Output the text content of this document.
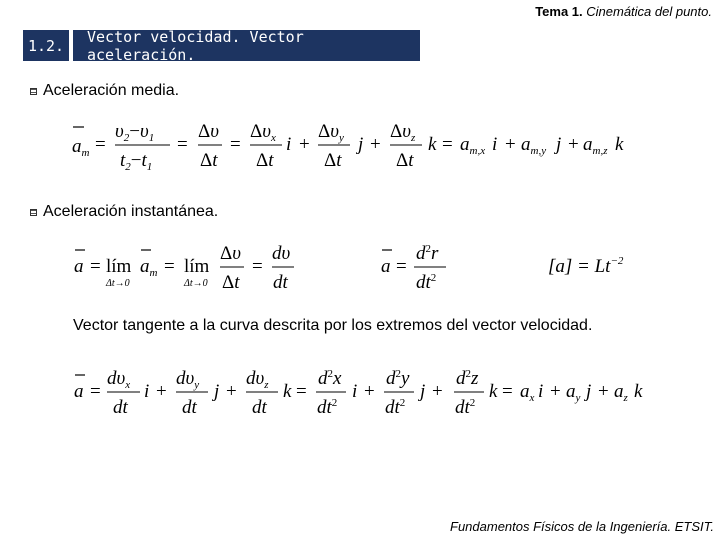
Tema 1. Cinemática del punto.
1.2.	Vector velocidad. Vector aceleración.
Aceleración media.
Aceleración instantánea.
$a_m$ =
$\upsilon_2-\upsilon_1$
$t_2-t_1$
=
Δυ
Δt
=
$\Delta\upsilon_x$
Δt
i +
$\Delta\upsilon_y$
Δt
j +
$\Delta\upsilon_z$
Δt
$k = a_{m,x}$ $i + a_{m,y}$ $j + a_{m,z}$ k
a = lím
Δt→0
$a_m$ = lím
Δt→0
Δυ
Δt
=
dυ
dt
a =
$d^2r$
$dt^2$
$[a] = Lt^{-2}$
a =
$d\upsilon_x$
dt
i +
$d\upsilon_y$
dt
j +
$d\upsilon_z$
dt
k =
$d^2x$
$dt^2$
i +
$d^2y$
$dt^2$
j +
$d^2z$
$dt^2$
$k = a_x$ $i + a_y$ $j + a_z$ k
Vector tangente a la curva descrita por los extremos del vector velocidad.
Fundamentos Físicos de la Ingeniería. ETSIT.
